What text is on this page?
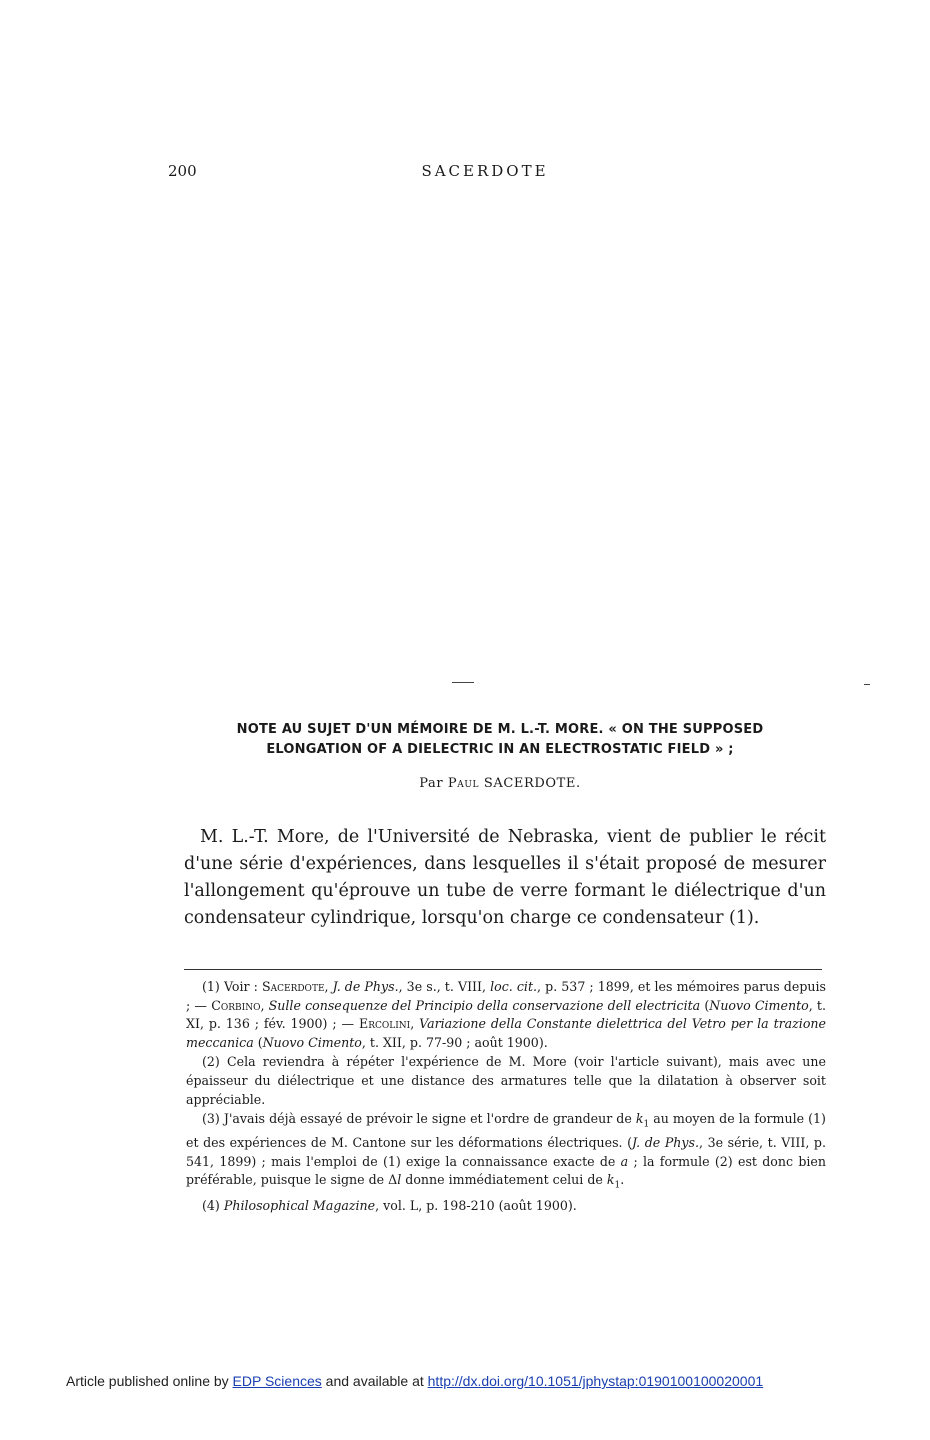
200	SACERDOTE
NOTE AU SUJET D'UN MÉMOIRE DE M. L.-T. MORE. « ON THE SUPPOSED
ELONGATION OF A DIELECTRIC IN AN ELECTROSTATIC FIELD » ;
Par Paul SACERDOTE.

M. L.-T. More, de l'Université de Nebraska, vient de publier le récit d'une série d'expériences, dans lesquelles il s'était proposé de mesurer l'allongement qu'éprouve un tube de verre formant le diélectrique d'un condensateur cylindrique, lorsqu'on charge ce condensateur (1).

(1) Voir : Sacerdote, J. de Phys., 3e s., t. VIII, loc. cit., p. 537 ; 1899, et les mémoires parus depuis ; — Corbino, Sulle consequenze del Principio della conservazione dell electricita (Nuovo Cimento, t. XI, p. 136 ; fév. 1900) ; — Ercolini, Variazione della Constante dielettrica del Vetro per la trazione meccanica (Nuovo Cimento, t. XII, p. 77-90 ; août 1900).

(2) Cela reviendra à répéter l'expérience de M. More (voir l'article suivant), mais avec une épaisseur du diélectrique et une distance des armatures telle que la dilatation à observer soit appréciable.

(3) J'avais déjà essayé de prévoir le signe et l'ordre de grandeur de $k_1$ au moyen de la formule (1) et des expériences de M. Cantone sur les déformations électriques. (J. de Phys., 3e série, t. VIII, p. 541, 1899) ; mais l'emploi de (1) exige la connaissance exacte de a ; la formule (2) est donc bien préférable, puisque le signe de Δl donne immédiatement celui de $k_1$.

(4) Philosophical Magazine, vol. L, p. 198-210 (août 1900).

Article published online by EDP Sciences and available at http://dx.doi.org/10.1051/jphystap:0190100100020001
